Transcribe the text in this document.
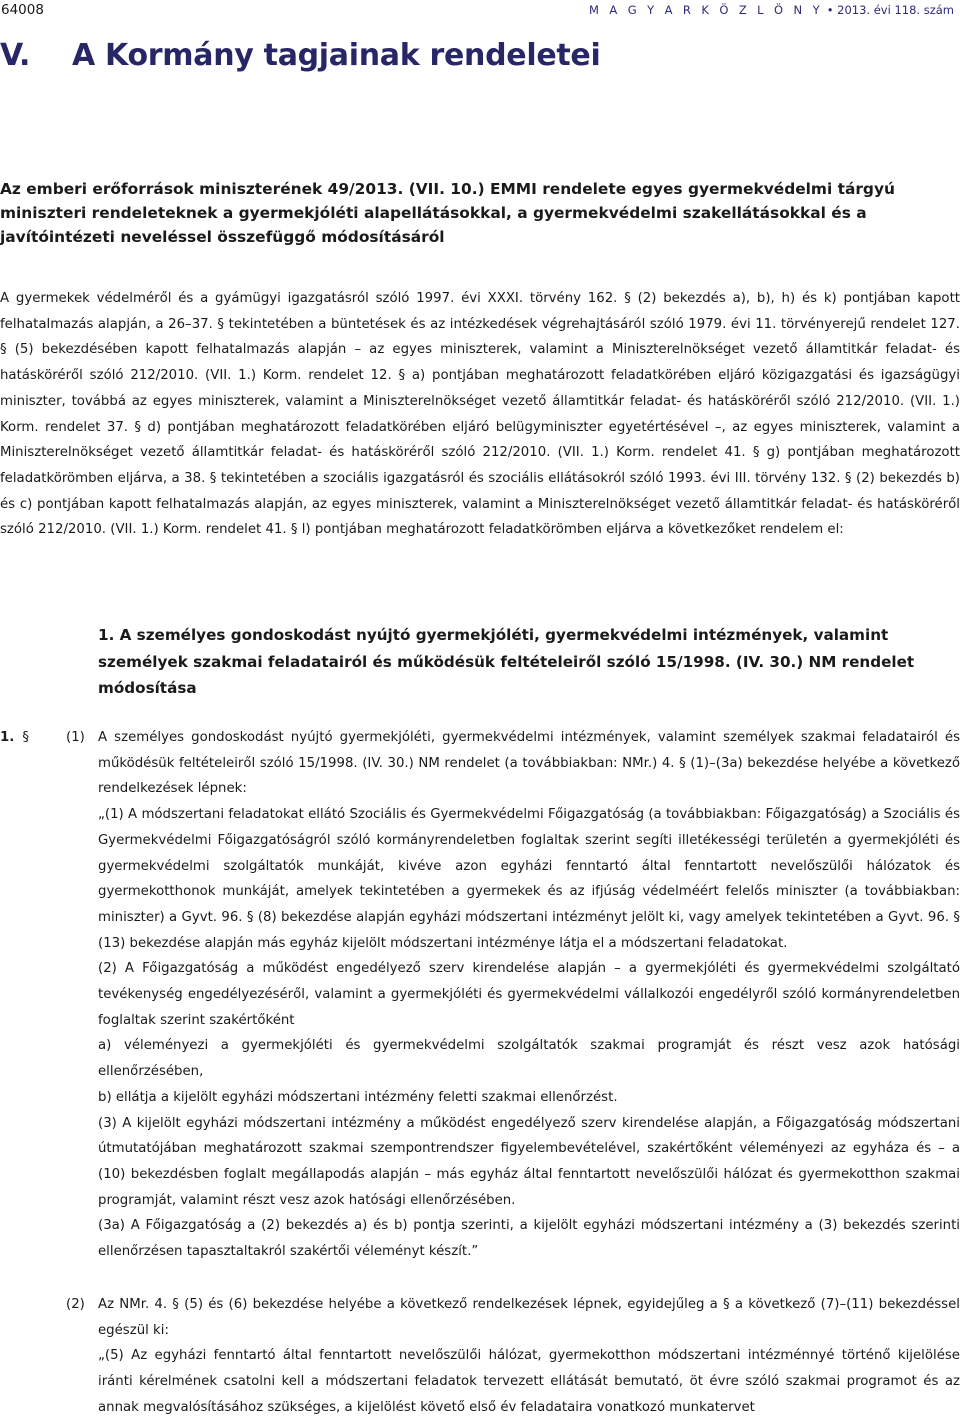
64008	M A G Y A R K Ö Z L Ö N Y • 2013. évi 118. szám
V. A Kormány tagjainak rendeletei
Az emberi erőforrások miniszterének 49/2013. (VII. 10.) EMMI rendelete egyes gyermekvédelmi tárgyú miniszteri rendeleteknek a gyermekjóléti alapellátásokkal, a gyermekvédelmi szakellátásokkal és a javítóintézeti neveléssel összefüggő módosításáról

A gyermekek védelméről és a gyámügyi igazgatásról szóló 1997. évi XXXI. törvény 162. § (2) bekezdés a), b), h) és k) pontjában kapott felhatalmazás alapján, a 26–37. § tekintetében a büntetések és az intézkedések végrehajtásáról szóló 1979. évi 11. törvényerejű rendelet 127. § (5) bekezdésében kapott felhatalmazás alapján – az egyes miniszterek, valamint a Miniszterelnökséget vezető államtitkár feladat- és hatásköréről szóló 212/2010. (VII. 1.) Korm. rendelet 12. § a) pontjában meghatározott feladatkörében eljáró közigazgatási és igazságügyi miniszter, továbbá az egyes miniszterek, valamint a Miniszterelnökséget vezető államtitkár feladat- és hatásköréről szóló 212/2010. (VII. 1.) Korm. rendelet 37. § d) pontjában meghatározott feladatkörében eljáró belügyminiszter egyetértésével –, az egyes miniszterek, valamint a Miniszterelnökséget vezető államtitkár feladat- és hatásköréről szóló 212/2010. (VII. 1.) Korm. rendelet 41. § g) pontjában meghatározott feladatkörömben eljárva, a 38. § tekintetében a szociális igazgatásról és szociális ellátásokról szóló 1993. évi III. törvény 132. § (2) bekezdés b) és c) pontjában kapott felhatalmazás alapján, az egyes miniszterek, valamint a Miniszterelnökséget vezető államtitkár feladat- és hatásköréről szóló 212/2010. (VII. 1.) Korm. rendelet 41. § l) pontjában meghatározott feladatkörömben eljárva a következőket rendelem el:

1. A személyes gondoskodást nyújtó gyermekjóléti, gyermekvédelmi intézmények, valamint személyek szakmai feladatairól és működésük feltételeiről szóló 15/1998. (IV. 30.) NM rendelet módosítása
1. §	(1) A személyes gondoskodást nyújtó gyermekjóléti, gyermekvédelmi intézmények, valamint személyek szakmai feladatairól és működésük feltételeiről szóló 15/1998. (IV. 30.) NM rendelet (a továbbiakban: NMr.) 4. § (1)–(3a) bekezdése helyébe a következő rendelkezések lépnek:

„(1) A módszertani feladatokat ellátó Szociális és Gyermekvédelmi Főigazgatóság (a továbbiakban: Főigazgatóság) a Szociális és Gyermekvédelmi Főigazgatóságról szóló kormányrendeletben foglaltak szerint segíti illetékességi területén a gyermekjóléti és gyermekvédelmi szolgáltatók munkáját, kivéve azon egyházi fenntartó által fenntartott nevelőszülői hálózatok és gyermekotthonok munkáját, amelyek tekintetében a gyermekek és az ifjúság védelméért felelős miniszter (a továbbiakban: miniszter) a Gyvt. 96. § (8) bekezdése alapján egyházi módszertani intézményt jelölt ki, vagy amelyek tekintetében a Gyvt. 96. § (13) bekezdése alapján más egyház kijelölt módszertani intézménye látja el a módszertani feladatokat.

(2) A Főigazgatóság a működést engedélyező szerv kirendelése alapján – a gyermekjóléti és gyermekvédelmi szolgáltató tevékenység engedélyezéséről, valamint a gyermekjóléti és gyermekvédelmi vállalkozói engedélyről szóló kormányrendeletben foglaltak szerint szakértőként

a) véleményezi a gyermekjóléti és gyermekvédelmi szolgáltatók szakmai programját és részt vesz azok hatósági ellenőrzésében,

b) ellátja a kijelölt egyházi módszertani intézmény feletti szakmai ellenőrzést.

(3) A kijelölt egyházi módszertani intézmény a működést engedélyező szerv kirendelése alapján, a Főigazgatóság módszertani útmutatójában meghatározott szakmai szempontrendszer figyelembevételével, szakértőként véleményezi az egyháza és – a (10) bekezdésben foglalt megállapodás alapján – más egyház által fenntartott nevelőszülői hálózat és gyermekotthon szakmai programját, valamint részt vesz azok hatósági ellenőrzésében.

(3a) A Főigazgatóság a (2) bekezdés a) és b) pontja szerinti, a kijelölt egyházi módszertani intézmény a (3) bekezdés szerinti ellenőrzésen tapasztaltakról szakértői véleményt készít.”

(2) Az NMr. 4. § (5) és (6) bekezdése helyébe a következő rendelkezések lépnek, egyidejűleg a § a következő (7)–(11) bekezdéssel egészül ki:

„(5) Az egyházi fenntartó által fenntartott nevelőszülői hálózat, gyermekotthon módszertani intézménnyé történő kijelölése iránti kérelmének csatolni kell a módszertani feladatok tervezett ellátását bemutató, öt évre szóló szakmai programot és az annak megvalósításához szükséges, a kijelölést követő első év feladataira vonatkozó munkatervet
